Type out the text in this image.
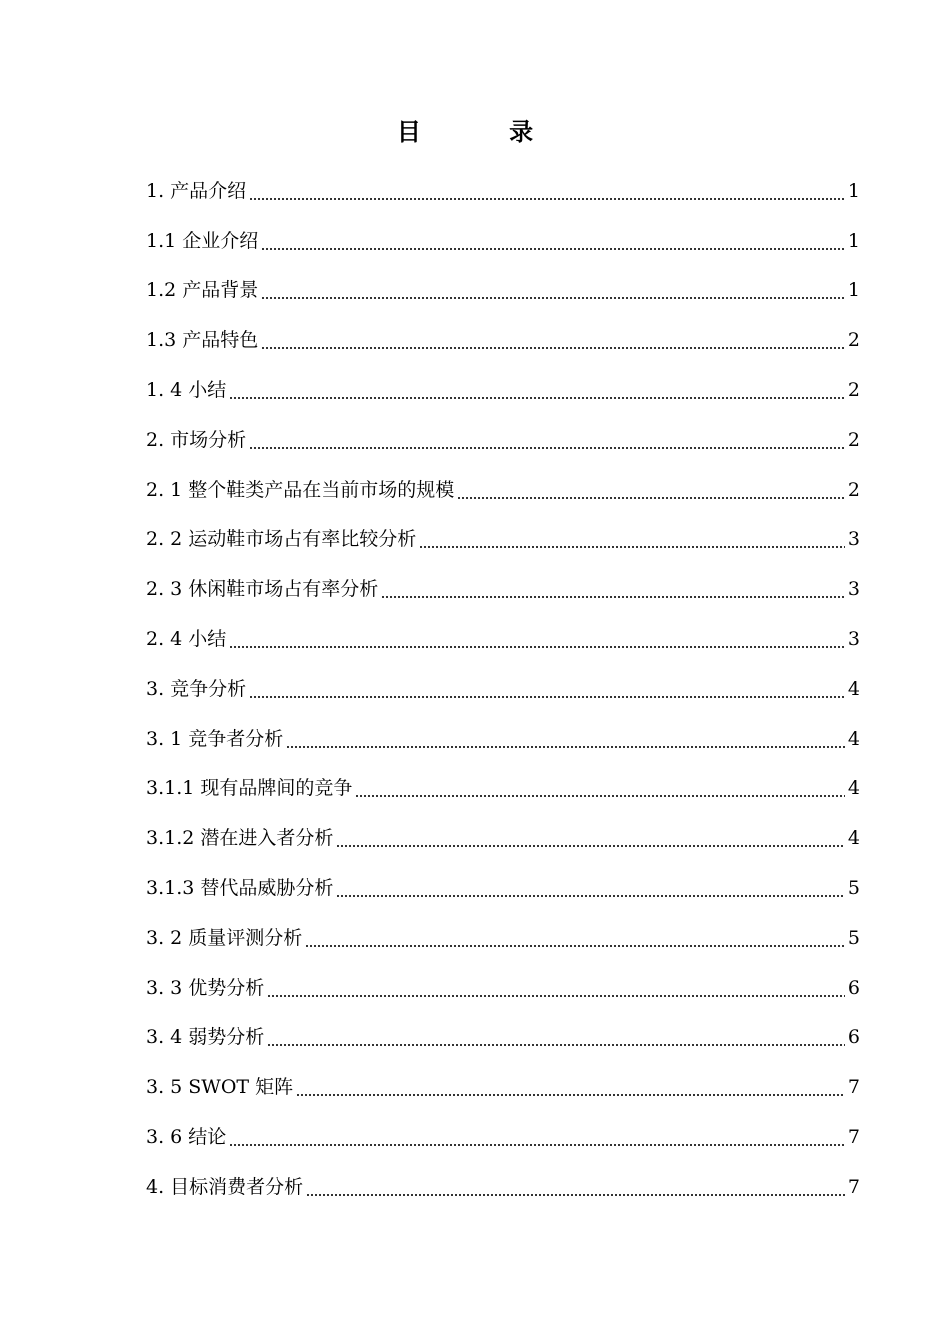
目 录
1. 产品介绍	1
1.1 企业介绍	1
1.2 产品背景	1
1.3 产品特色	2
1. 4 小结	2
2. 市场分析	2
2. 1 整个鞋类产品在当前市场的规模	2
2. 2 运动鞋市场占有率比较分析	3
2. 3 休闲鞋市场占有率分析	3
2. 4 小结	3
3. 竞争分析	4
3. 1 竞争者分析	4
3.1.1 现有品牌间的竞争	4
3.1.2 潜在进入者分析	4
3.1.3 替代品威胁分析	5
3. 2 质量评测分析	5
3. 3 优势分析	6
3. 4 弱势分析	6
3. 5 SWOT 矩阵	7
3. 6 结论	7
4. 目标消费者分析	7
